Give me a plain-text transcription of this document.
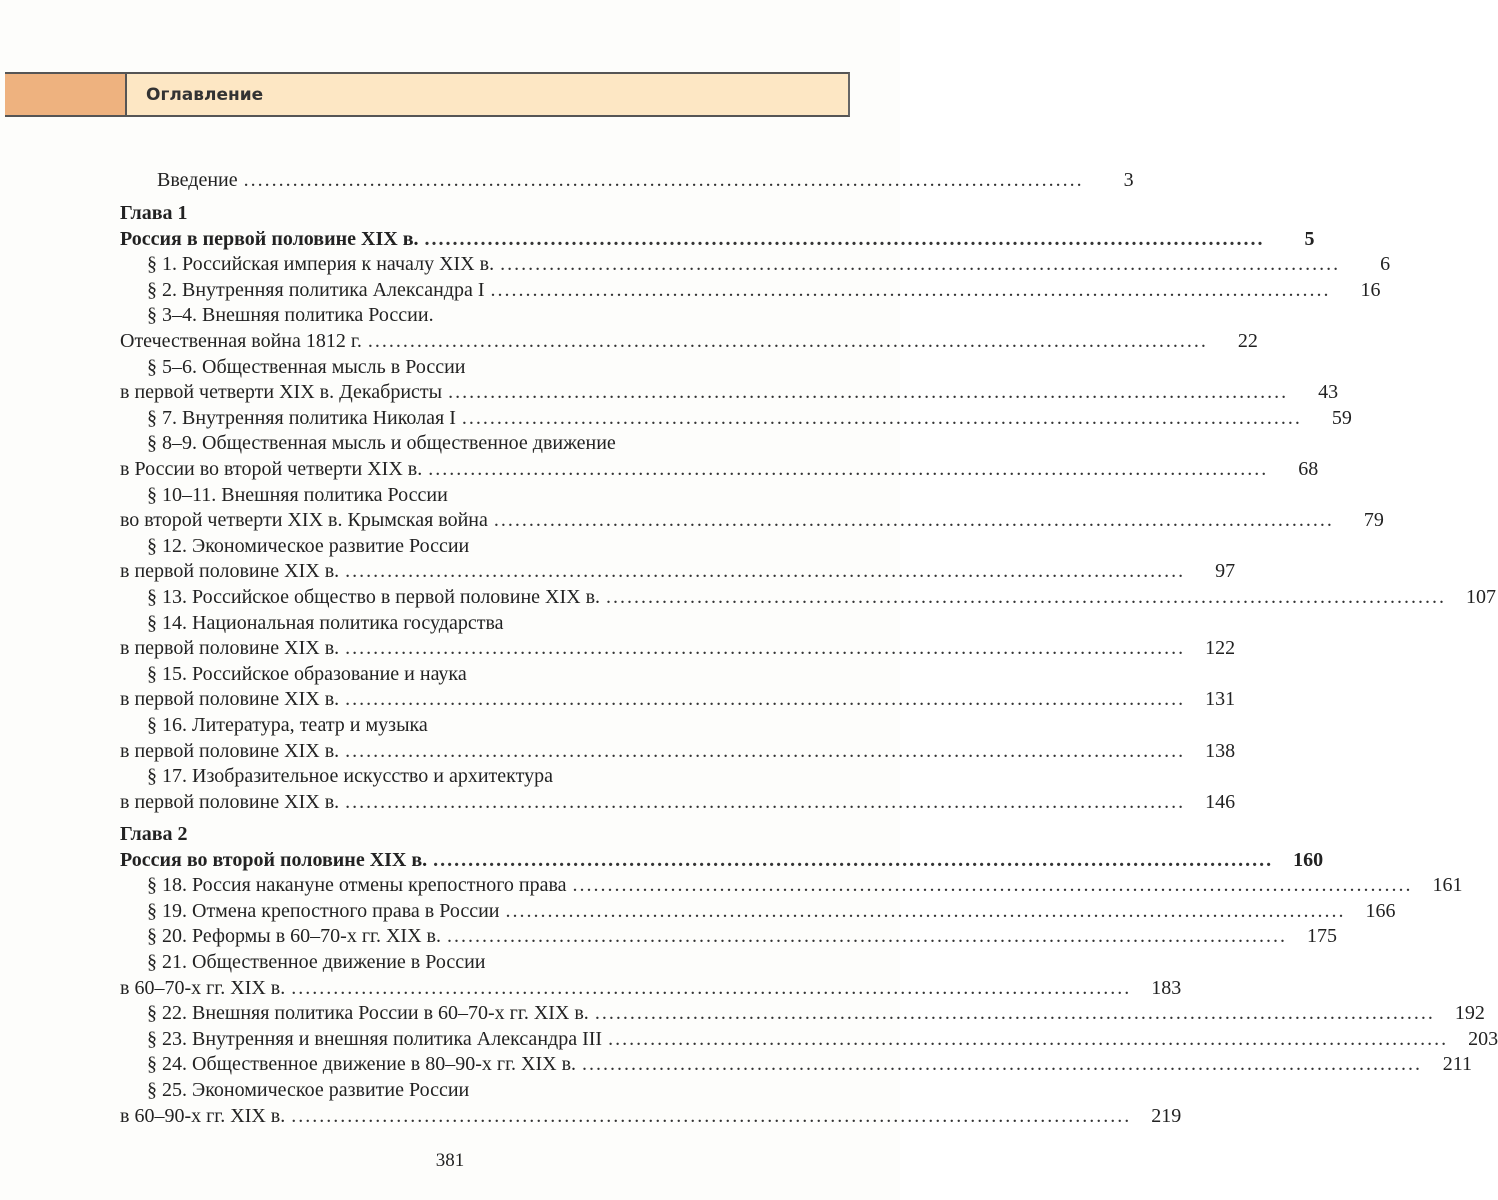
Оглавление
Введение ........................................................................................................................	3
Глава 1
Россия в первой половине XIX в. ........................................................................................................................	5
§ 1. Российская империя к началу XIX в. ........................................................................................................................	6
§ 2. Внутренняя политика Александра I ........................................................................................................................	16
§ 3–4. Внешняя политика России.
Отечественная война 1812 г. ........................................................................................................................	22
§ 5–6. Общественная мысль в России
в первой четверти XIX в. Декабристы ........................................................................................................................	43
§ 7. Внутренняя политика Николая I ........................................................................................................................	59
§ 8–9. Общественная мысль и общественное движение
в России во второй четверти XIX в. ........................................................................................................................	68
§ 10–11. Внешняя политика России
во второй четверти XIX в. Крымская война ........................................................................................................................	79
§ 12. Экономическое развитие России
в первой половине XIX в. ........................................................................................................................	97
§ 13. Российское общество в первой половине XIX в. ........................................................................................................................	107
§ 14. Национальная политика государства
в первой половине XIX в. ........................................................................................................................	122
§ 15. Российское образование и наука
в первой половине XIX в. ........................................................................................................................	131
§ 16. Литература, театр и музыка
в первой половине XIX в. ........................................................................................................................	138
§ 17. Изобразительное искусство и архитектура
в первой половине XIX в. ........................................................................................................................	146
Глава 2
Россия во второй половине XIX в. ........................................................................................................................	160
§ 18. Россия накануне отмены крепостного права ........................................................................................................................	161
§ 19. Отмена крепостного права в России ........................................................................................................................	166
§ 20. Реформы в 60–70-х гг. XIX в. ........................................................................................................................	175
§ 21. Общественное движение в России
в 60–70-х гг. XIX в. ........................................................................................................................	183
§ 22. Внешняя политика России в 60–70-х гг. XIX в. ........................................................................................................................	192
§ 23. Внутренняя и внешняя политика Александра III ........................................................................................................................	203
§ 24. Общественное движение в 80–90-х гг. XIX в. ........................................................................................................................	211
§ 25. Экономическое развитие России
в 60–90-х гг. XIX в. ........................................................................................................................	219
381
